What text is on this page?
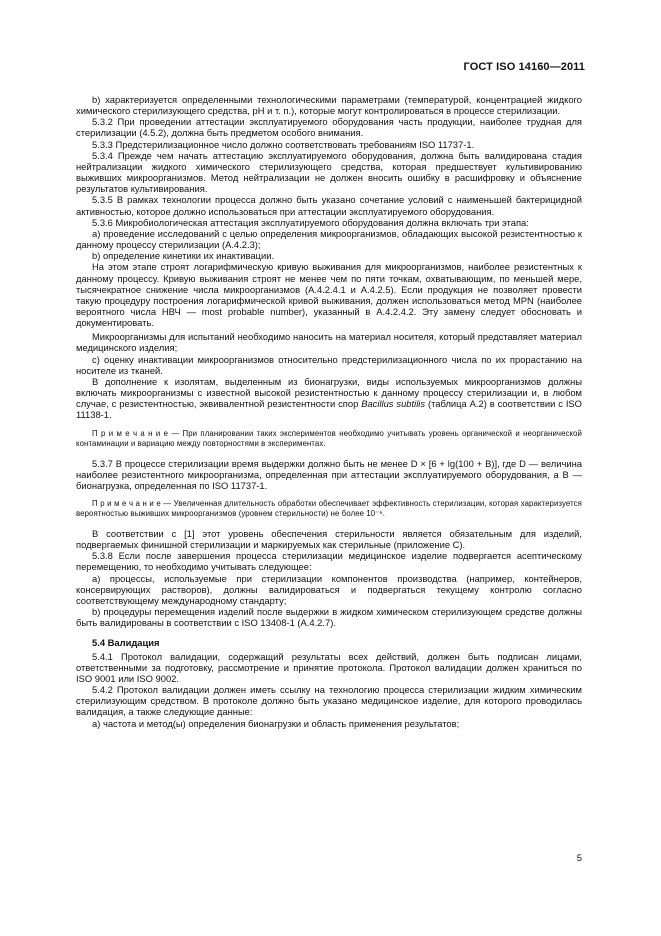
ГОСТ ISO 14160—2011

b) характеризуется определенными технологическими параметрами (температурой, концентрацией жидкого химического стерилизующего средства, pH и т. п.), которые могут контролироваться в процессе стерилизации.

5.3.2 При проведении аттестации эксплуатируемого оборудования часть продукции, наиболее трудная для стерилизации (4.5.2), должна быть предметом особого внимания.

5.3.3 Предстерилизационное число должно соответствовать требованиям ISO 11737-1.

5.3.4 Прежде чем начать аттестацию эксплуатируемого оборудования, должна быть валидирована стадия нейтрализации жидкого химического стерилизующего средства, которая предшествует культивированию выживших микроорганизмов. Метод нейтрализации не должен вносить ошибку в расшифровку и объяснение результатов культивирования.

5.3.5 В рамках технологии процесса должно быть указано сочетание условий с наименьшей бактерицидной активностью, которое должно использоваться при аттестации эксплуатируемого оборудования.

5.3.6 Микробиологическая аттестация эксплуатируемого оборудования должна включать три этапа:

а) проведение исследований с целью определения микроорганизмов, обладающих высокой резистентностью к данному процессу стерилизации (А.4.2.3);

b) определение кинетики их инактивации.

На этом этапе строят логарифмическую кривую выживания для микроорганизмов, наиболее резистентных к данному процессу. Кривую выживания строят не менее чем по пяти точкам, охватывающим, по меньшей мере, тысячекратное снижение числа микроорганизмов (А.4.2.4.1 и А.4.2.5). Если продукция не позволяет провести такую процедуру построения логарифмической кривой выживания, должен использоваться метод MPN (наиболее вероятного числа НВЧ — most probable number), указанный в А.4.2.4.2. Эту замену следует обосновать и документировать.

Микроорганизмы для испытаний необходимо наносить на материал носителя, который представляет материал медицинского изделия;

с) оценку инактивации микроорганизмов относительно предстерилизационного числа по их прорастанию на носителе из тканей.

В дополнение к изолятам, выделенным из бионагрузки, виды используемых микроорганизмов должны включать микроорганизмы с известной высокой резистентностью к данному процессу стерилизации и, в любом случае, с резистентностью, эквивалентной резистентности спор Bacillus subtilis (таблица А.2) в соответствии с ISO 11138-1.

П р и м е ч а н и е — При планировании таких экспериментов необходимо учитывать уровень органической и неорганической контаминации и вариацию между повторностями в экспериментах.

5.3.7 В процессе стерилизации время выдержки должно быть не менее D × [6 + lg(100 + B)], где D — величина наиболее резистентного микроорганизма, определенная при аттестации эксплуатируемого оборудования, а B — бионагрузка, определенная по ISO 11737-1.

П р и м е ч а н и е — Увеличенная длительность обработки обеспечивает эффективность стерилизации, которая характеризуется вероятностью выживших микроорганизмов (уровнем стерильности) не более 10⁻⁶.

В соответствии с [1] этот уровень обеспечения стерильности является обязательным для изделий, подвергаемых финишной стерилизации и маркируемых как стерильные (приложение С).

5.3.8 Если после завершения процесса стерилизации медицинское изделие подвергается асептическому перемещению, то необходимо учитывать следующее:

а) процессы, используемые при стерилизации компонентов производства (например, контейнеров, консервирующих растворов), должны валидироваться и подвергаться текущему контролю согласно соответствующему международному стандарту;

b) процедуры перемещения изделий после выдержки в жидком химическом стерилизующем средстве должны быть валидированы в соответствии с ISO 13408-1 (А.4.2.7).

5.4 Валидация

5.4.1 Протокол валидации, содержащий результаты всех действий, должен быть подписан лицами, ответственными за подготовку, рассмотрение и принятие протокола. Протокол валидации должен храниться по ISO 9001 или ISO 9002.

5.4.2 Протокол валидации должен иметь ссылку на технологию процесса стерилизации жидким химическим стерилизующим средством. В протоколе должно быть указано медицинское изделие, для которого проводилась валидация, а также следующие данные:

а) частота и метод(ы) определения бионагрузки и область применения результатов;

5
